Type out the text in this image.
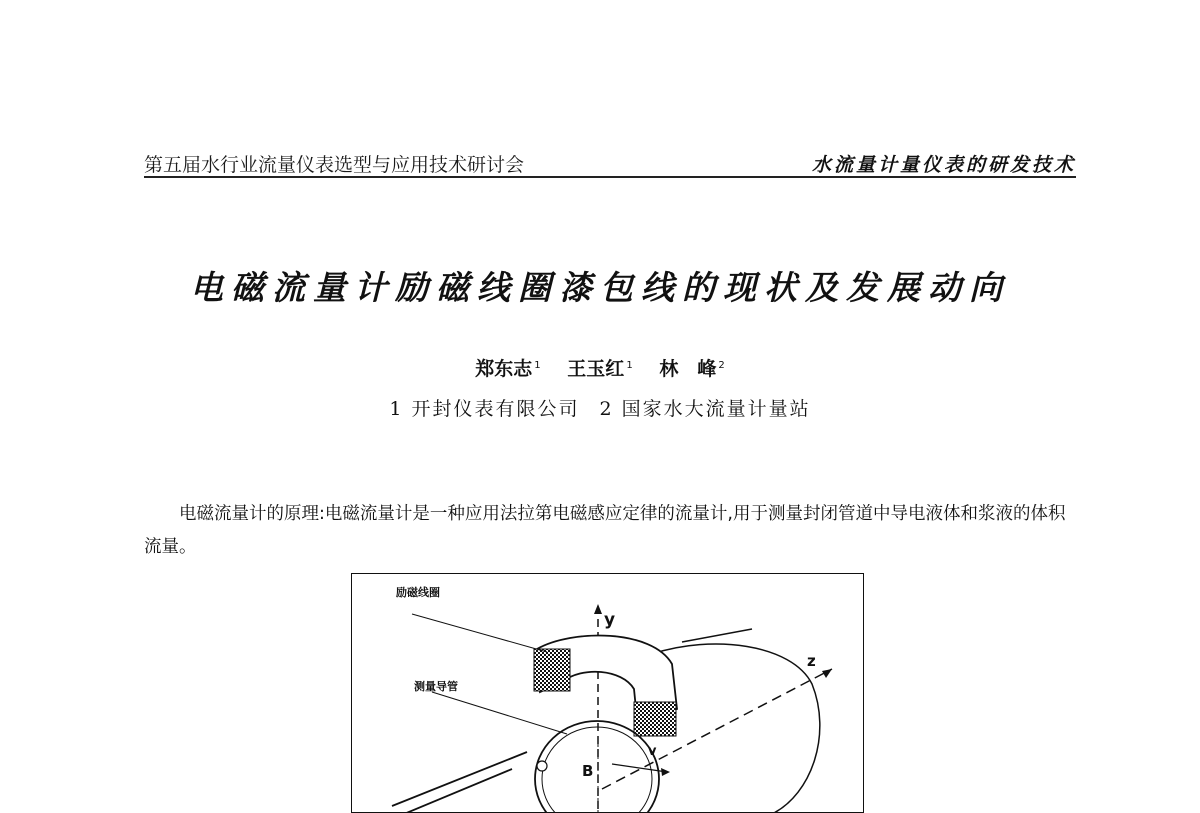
第五届水行业流量仪表选型与应用技术研讨会	水流量计量仪表的研发技术
电磁流量计励磁线圈漆包线的现状及发展动向
郑东志 $^1$ 王玉红 $^1$ 林　峰 $^2$
1 开封仪表有限公司 2 国家水大流量计量站
电磁流量计的原理:电磁流量计是一种应用法拉第电磁感应定律的流量计,用于测量封闭管道中导电液体和浆液的体积流量。
励磁线圈
测量导管
y
z
v
B
